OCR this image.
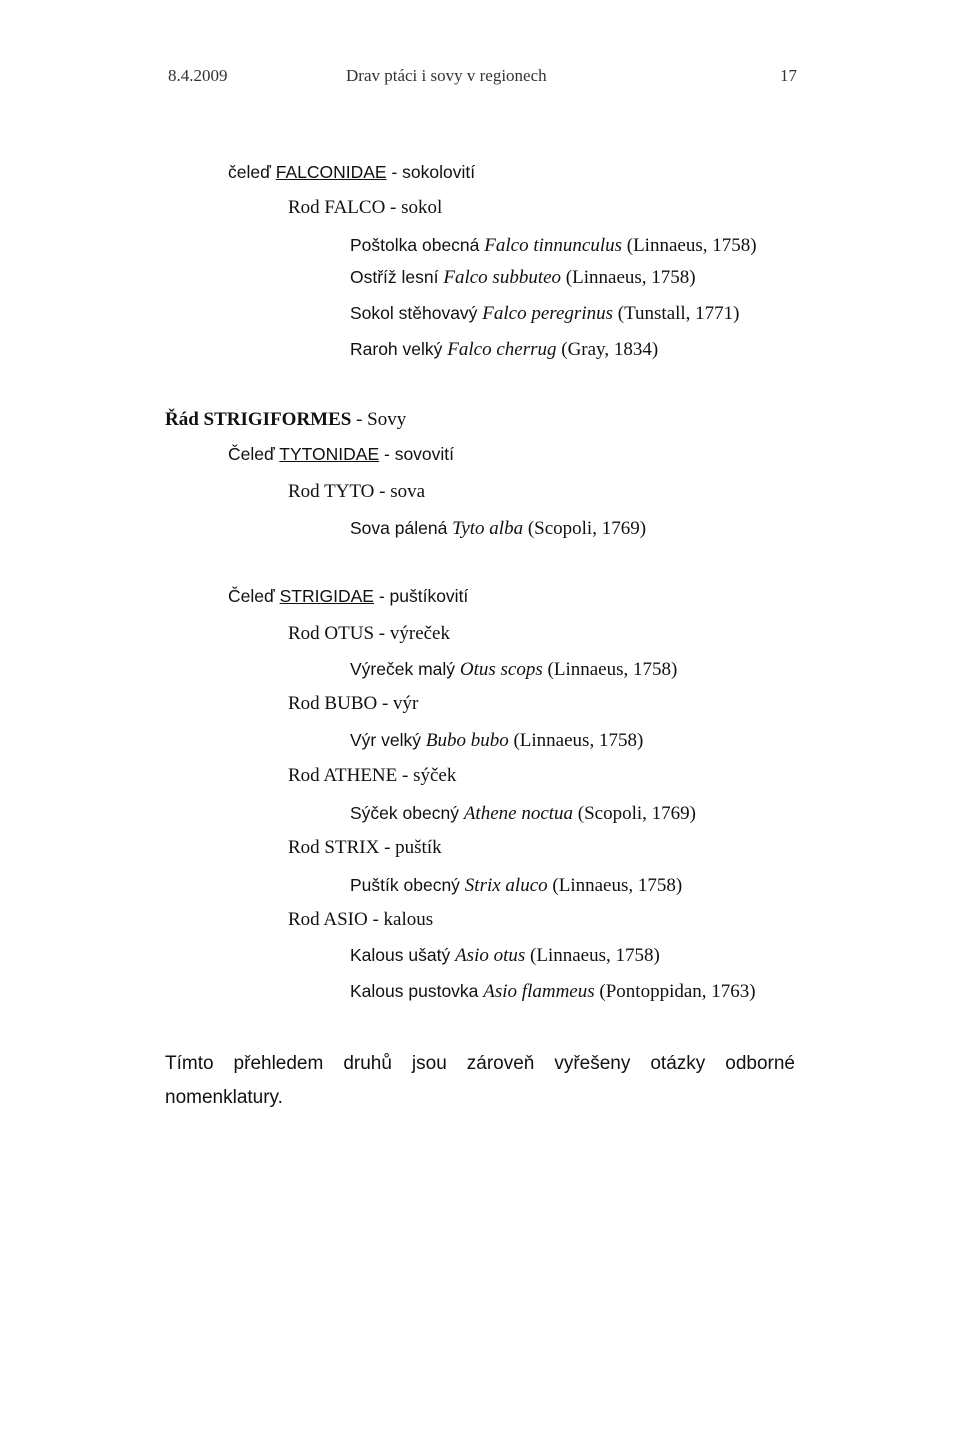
8.4.2009	Drav ptáci i sovy v regionech	17
čeleď FALCONIDAE - sokolovití
Rod FALCO - sokol
Poštolka obecná Falco tinnunculus (Linnaeus, 1758)
Ostříž lesní Falco subbuteo (Linnaeus, 1758)
Sokol stěhovavý Falco peregrinus (Tunstall, 1771)
Raroh velký Falco cherrug (Gray, 1834)
Řád STRIGIFORMES - Sovy
Čeleď TYTONIDAE - sovovití
Rod TYTO - sova
Sova pálená Tyto alba (Scopoli, 1769)
Čeleď STRIGIDAE - puštíkovití
Rod OTUS - výreček
Výreček malý Otus scops (Linnaeus, 1758)
Rod BUBO - výr
Výr velký Bubo bubo (Linnaeus, 1758)
Rod ATHENE - sýček
Sýček obecný Athene noctua (Scopoli, 1769)
Rod STRIX - puštík
Puštík obecný Strix aluco (Linnaeus, 1758)
Rod ASIO - kalous
Kalous ušatý Asio otus (Linnaeus, 1758)
Kalous pustovka Asio flammeus (Pontoppidan, 1763)
Tímto přehledem druhů jsou zároveň vyřešeny otázky odborné
nomenklatury.
